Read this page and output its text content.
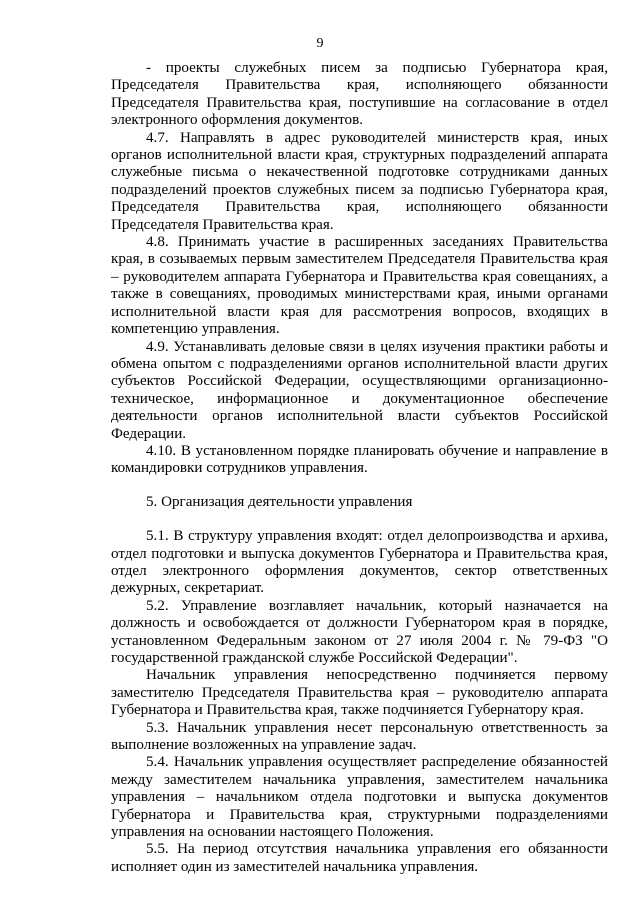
9

- проекты служебных писем за подписью Губернатора края, Председателя Правительства края, исполняющего обязанности Председателя Правительства края, поступившие на согласование в отдел электронного оформления документов.

4.7. Направлять в адрес руководителей министерств края, иных органов исполнительной власти края, структурных подразделений аппарата служебные письма о некачественной подготовке сотрудниками данных подразделений проектов служебных писем за подписью Губернатора края, Председателя Правительства края, исполняющего обязанности Председателя Правительства края.

4.8. Принимать участие в расширенных заседаниях Правительства края, в созываемых первым заместителем Председателя Правительства края – руководителем аппарата Губернатора и Правительства края совещаниях, а также в совещаниях, проводимых министерствами края, иными органами исполнительной власти края для рассмотрения вопросов, входящих в компетенцию управления.

4.9. Устанавливать деловые связи в целях изучения практики работы и обмена опытом с подразделениями органов исполнительной власти других субъектов Российской Федерации, осуществляющими организационно-техническое, информационное и документационное обеспечение деятельности органов исполнительной власти субъектов Российской Федерации.

4.10. В установленном порядке планировать обучение и направление в командировки сотрудников управления.

5. Организация деятельности управления

5.1. В структуру управления входят: отдел делопроизводства и архива, отдел подготовки и выпуска документов Губернатора и Правительства края, отдел электронного оформления документов, сектор ответственных дежурных, секретариат.

5.2. Управление возглавляет начальник, который назначается на должность и освобождается от должности Губернатором края в порядке, установленном Федеральным законом от 27 июля 2004 г. № 79-ФЗ "О государственной гражданской службе Российской Федерации".

Начальник управления непосредственно подчиняется первому заместителю Председателя Правительства края – руководителю аппарата Губернатора и Правительства края, также подчиняется Губернатору края.

5.3. Начальник управления несет персональную ответственность за выполнение возложенных на управление задач.

5.4. Начальник управления осуществляет распределение обязанностей между заместителем начальника управления, заместителем начальника управления – начальником отдела подготовки и выпуска документов Губернатора и Правительства края, структурными подразделениями управления на основании настоящего Положения.

5.5. На период отсутствия начальника управления его обязанности исполняет один из заместителей начальника управления.
